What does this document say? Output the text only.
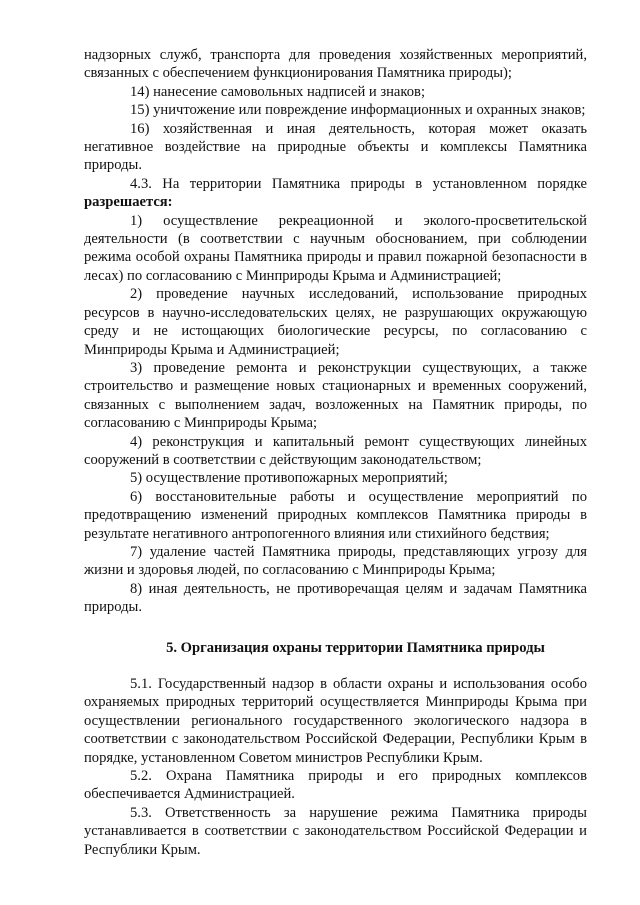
надзорных служб, транспорта для проведения хозяйственных мероприятий, связанных с обеспечением функционирования Памятника природы);

14) нанесение самовольных надписей и знаков;

15) уничтожение или повреждение информационных и охранных знаков;

16) хозяйственная и иная деятельность, которая может оказать негативное воздействие на природные объекты и комплексы Памятника природы.

4.3. На территории Памятника природы в установленном порядке разрешается:

1) осуществление рекреационной и эколого-просветительской деятельности (в соответствии с научным обоснованием, при соблюдении режима особой охраны Памятника природы и правил пожарной безопасности в лесах) по согласованию с Минприроды Крыма и Администрацией;

2) проведение научных исследований, использование природных ресурсов в научно-исследовательских целях, не разрушающих окружающую среду и не истощающих биологические ресурсы, по согласованию с Минприроды Крыма и Администрацией;

3) проведение ремонта и реконструкции существующих, а также строительство и размещение новых стационарных и временных сооружений, связанных с выполнением задач, возложенных на Памятник природы, по согласованию с Минприроды Крыма;

4) реконструкция и капитальный ремонт существующих линейных сооружений в соответствии с действующим законодательством;

5) осуществление противопожарных мероприятий;

6) восстановительные работы и осуществление мероприятий по предотвращению изменений природных комплексов Памятника природы в результате негативного антропогенного влияния или стихийного бедствия;

7) удаление частей Памятника природы, представляющих угрозу для жизни и здоровья людей, по согласованию с Минприроды Крыма;

8) иная деятельность, не противоречащая целям и задачам Памятника природы.

5. Организация охраны территории Памятника природы

5.1. Государственный надзор в области охраны и использования особо охраняемых природных территорий осуществляется Минприроды Крыма при осуществлении регионального государственного экологического надзора в соответствии с законодательством Российской Федерации, Республики Крым в порядке, установленном Советом министров Республики Крым.

5.2. Охрана Памятника природы и его природных комплексов обеспечивается Администрацией.

5.3. Ответственность за нарушение режима Памятника природы устанавливается в соответствии с законодательством Российской Федерации и Республики Крым.
